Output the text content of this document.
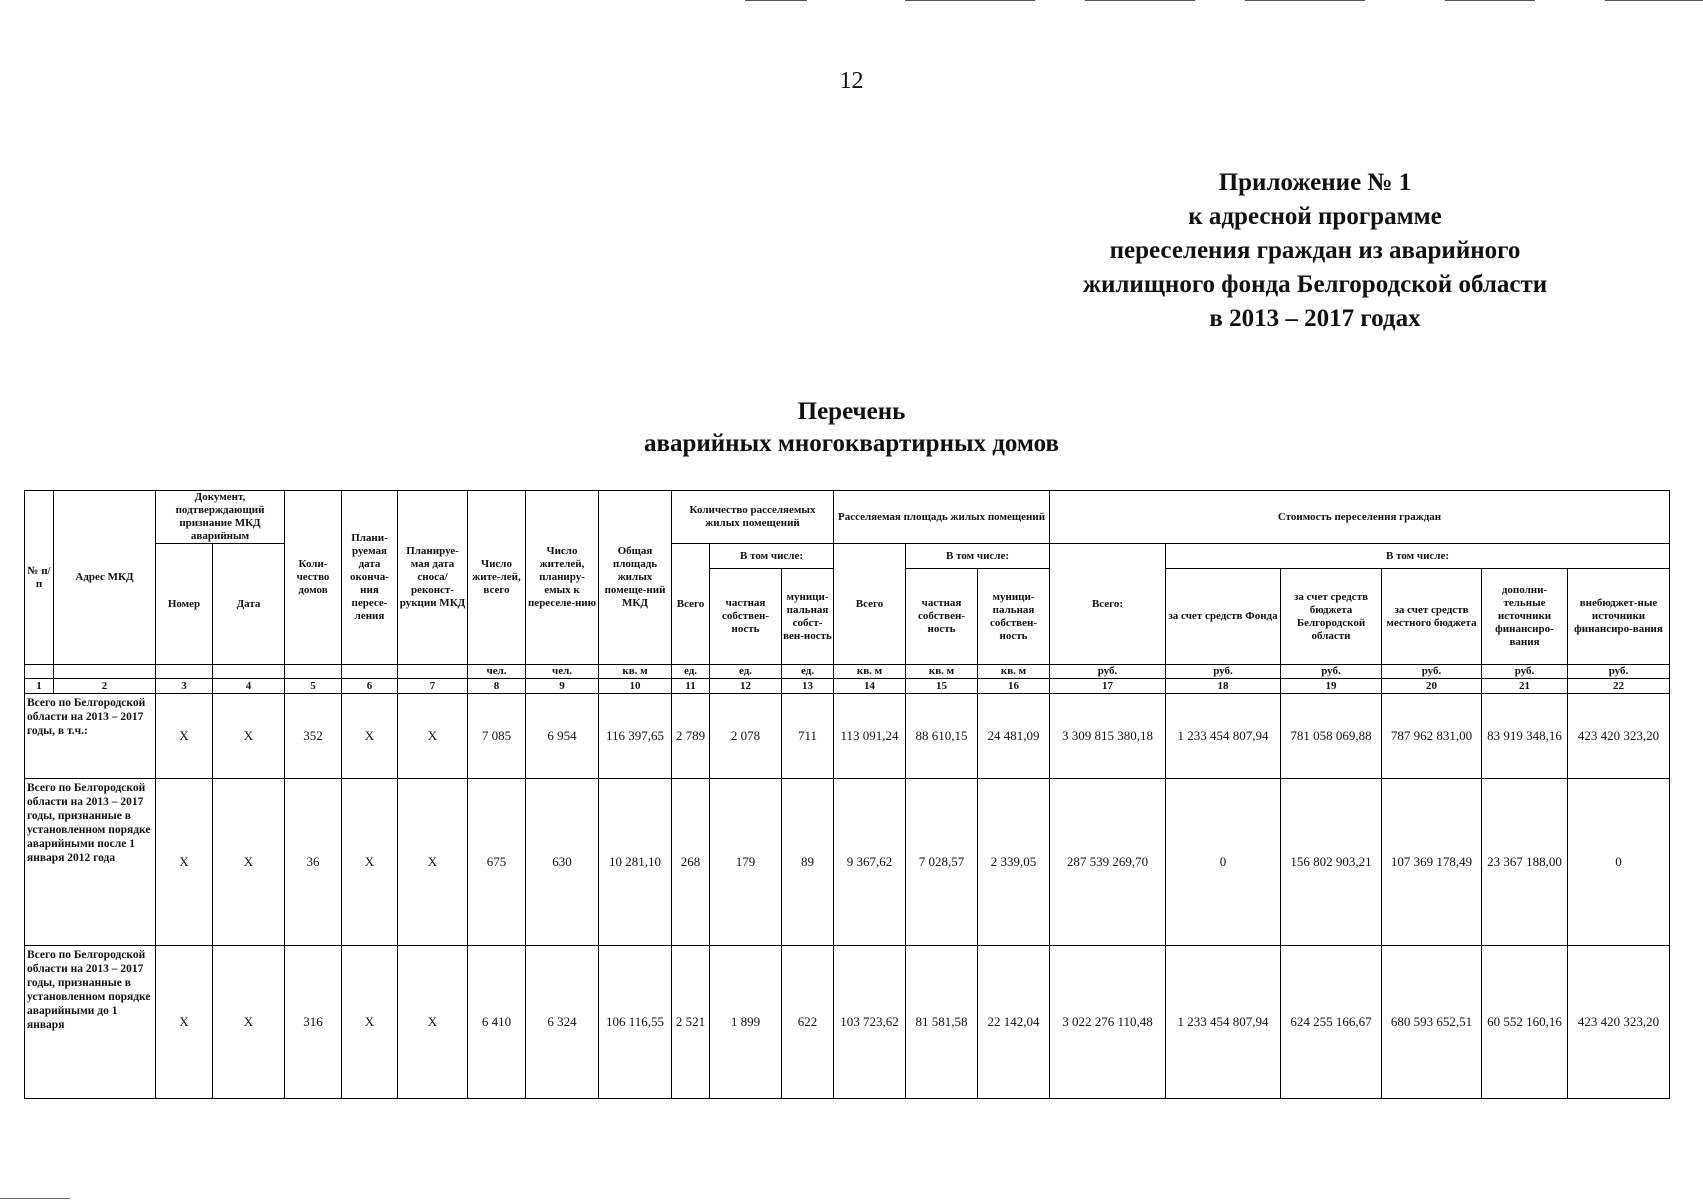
12
Приложение № 1
к адресной программе
переселения граждан из аварийного
жилищного фонда Белгородской области
в 2013 – 2017 годах
Перечень
аварийных многоквартирных домов
№ п/п	Адрес МКД	Документ, подтверждающий признание МКД аварийным		Коли-чество домов	Плани-руемая дата оконча-ния пересе-ления	Планируе-мая дата сноса/ реконст-рукции МКД	Число жите-лей, всего	Число жителей, планиру-емых к переселе-нию	Общая площадь жилых помеще-ний МКД	Количество расселяемых жилых помещений			Расселяемая площадь жилых помещений			Стоимость переселения граждан					
		Номер	Дата							Всего	В том числе:		Всего	В том числе:		Всего:	В том числе:				
											частная собствен-ность	муници-пальная собст-вен-ность		частная собствен-ность	муници-пальная собствен-ность		за счет средств Фонда	за счет средств бюджета Белгородской области	за счет средств местного бюджета	дополни-тельные источники финансиро-вания	внебюджет-ные источники финансиро-вания
							чел.	чел.	кв. м	ед.	ед.	ед.	кв. м	кв. м	кв. м	руб.	руб.	руб.	руб.	руб.	руб.
1	2	3	4	5	6	7	8	9	10	11	12	13	14	15	16	17	18	19	20	21	22
Всего по Белгородской области на 2013 – 2017 годы, в т.ч.:		Х	Х	352	Х	Х	7 085	6 954	116 397,65	2 789	2 078	711	113 091,24	88 610,15	24 481,09	3 309 815 380,18	1 233 454 807,94	781 058 069,88	787 962 831,00	83 919 348,16	423 420 323,20
Всего по Белгородской области на 2013 – 2017 годы, признанные в установленном порядке аварийными после 1 января 2012 года		Х	Х	36	Х	Х	675	630	10 281,10	268	179	89	9 367,62	7 028,57	2 339,05	287 539 269,70	0	156 802 903,21	107 369 178,49	23 367 188,00	0
Всего по Белгородской области на 2013 – 2017 годы, признанные в установленном порядке аварийными до 1 января		Х	Х	316	Х	Х	6 410	6 324	106 116,55	2 521	1 899	622	103 723,62	81 581,58	22 142,04	3 022 276 110,48	1 233 454 807,94	624 255 166,67	680 593 652,51	60 552 160,16	423 420 323,20
